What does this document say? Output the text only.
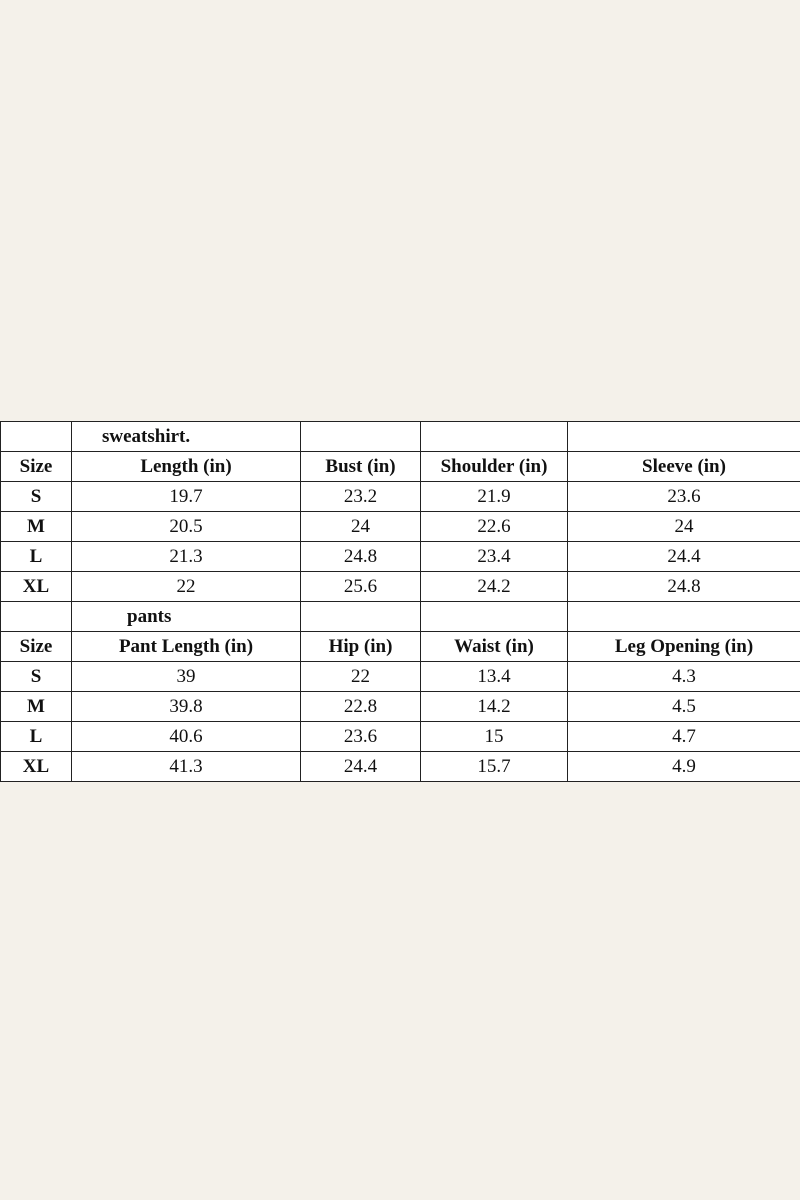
	sweatshirt.			
Size	Length (in)	Bust (in)	Shoulder (in)	Sleeve (in)
S	19.7	23.2	21.9	23.6
M	20.5	24	22.6	24
L	21.3	24.8	23.4	24.4
XL	22	25.6	24.2	24.8
	pants			
Size	Pant Length (in)	Hip (in)	Waist (in)	Leg Opening (in)
S	39	22	13.4	4.3
M	39.8	22.8	14.2	4.5
L	40.6	23.6	15	4.7
XL	41.3	24.4	15.7	4.9
